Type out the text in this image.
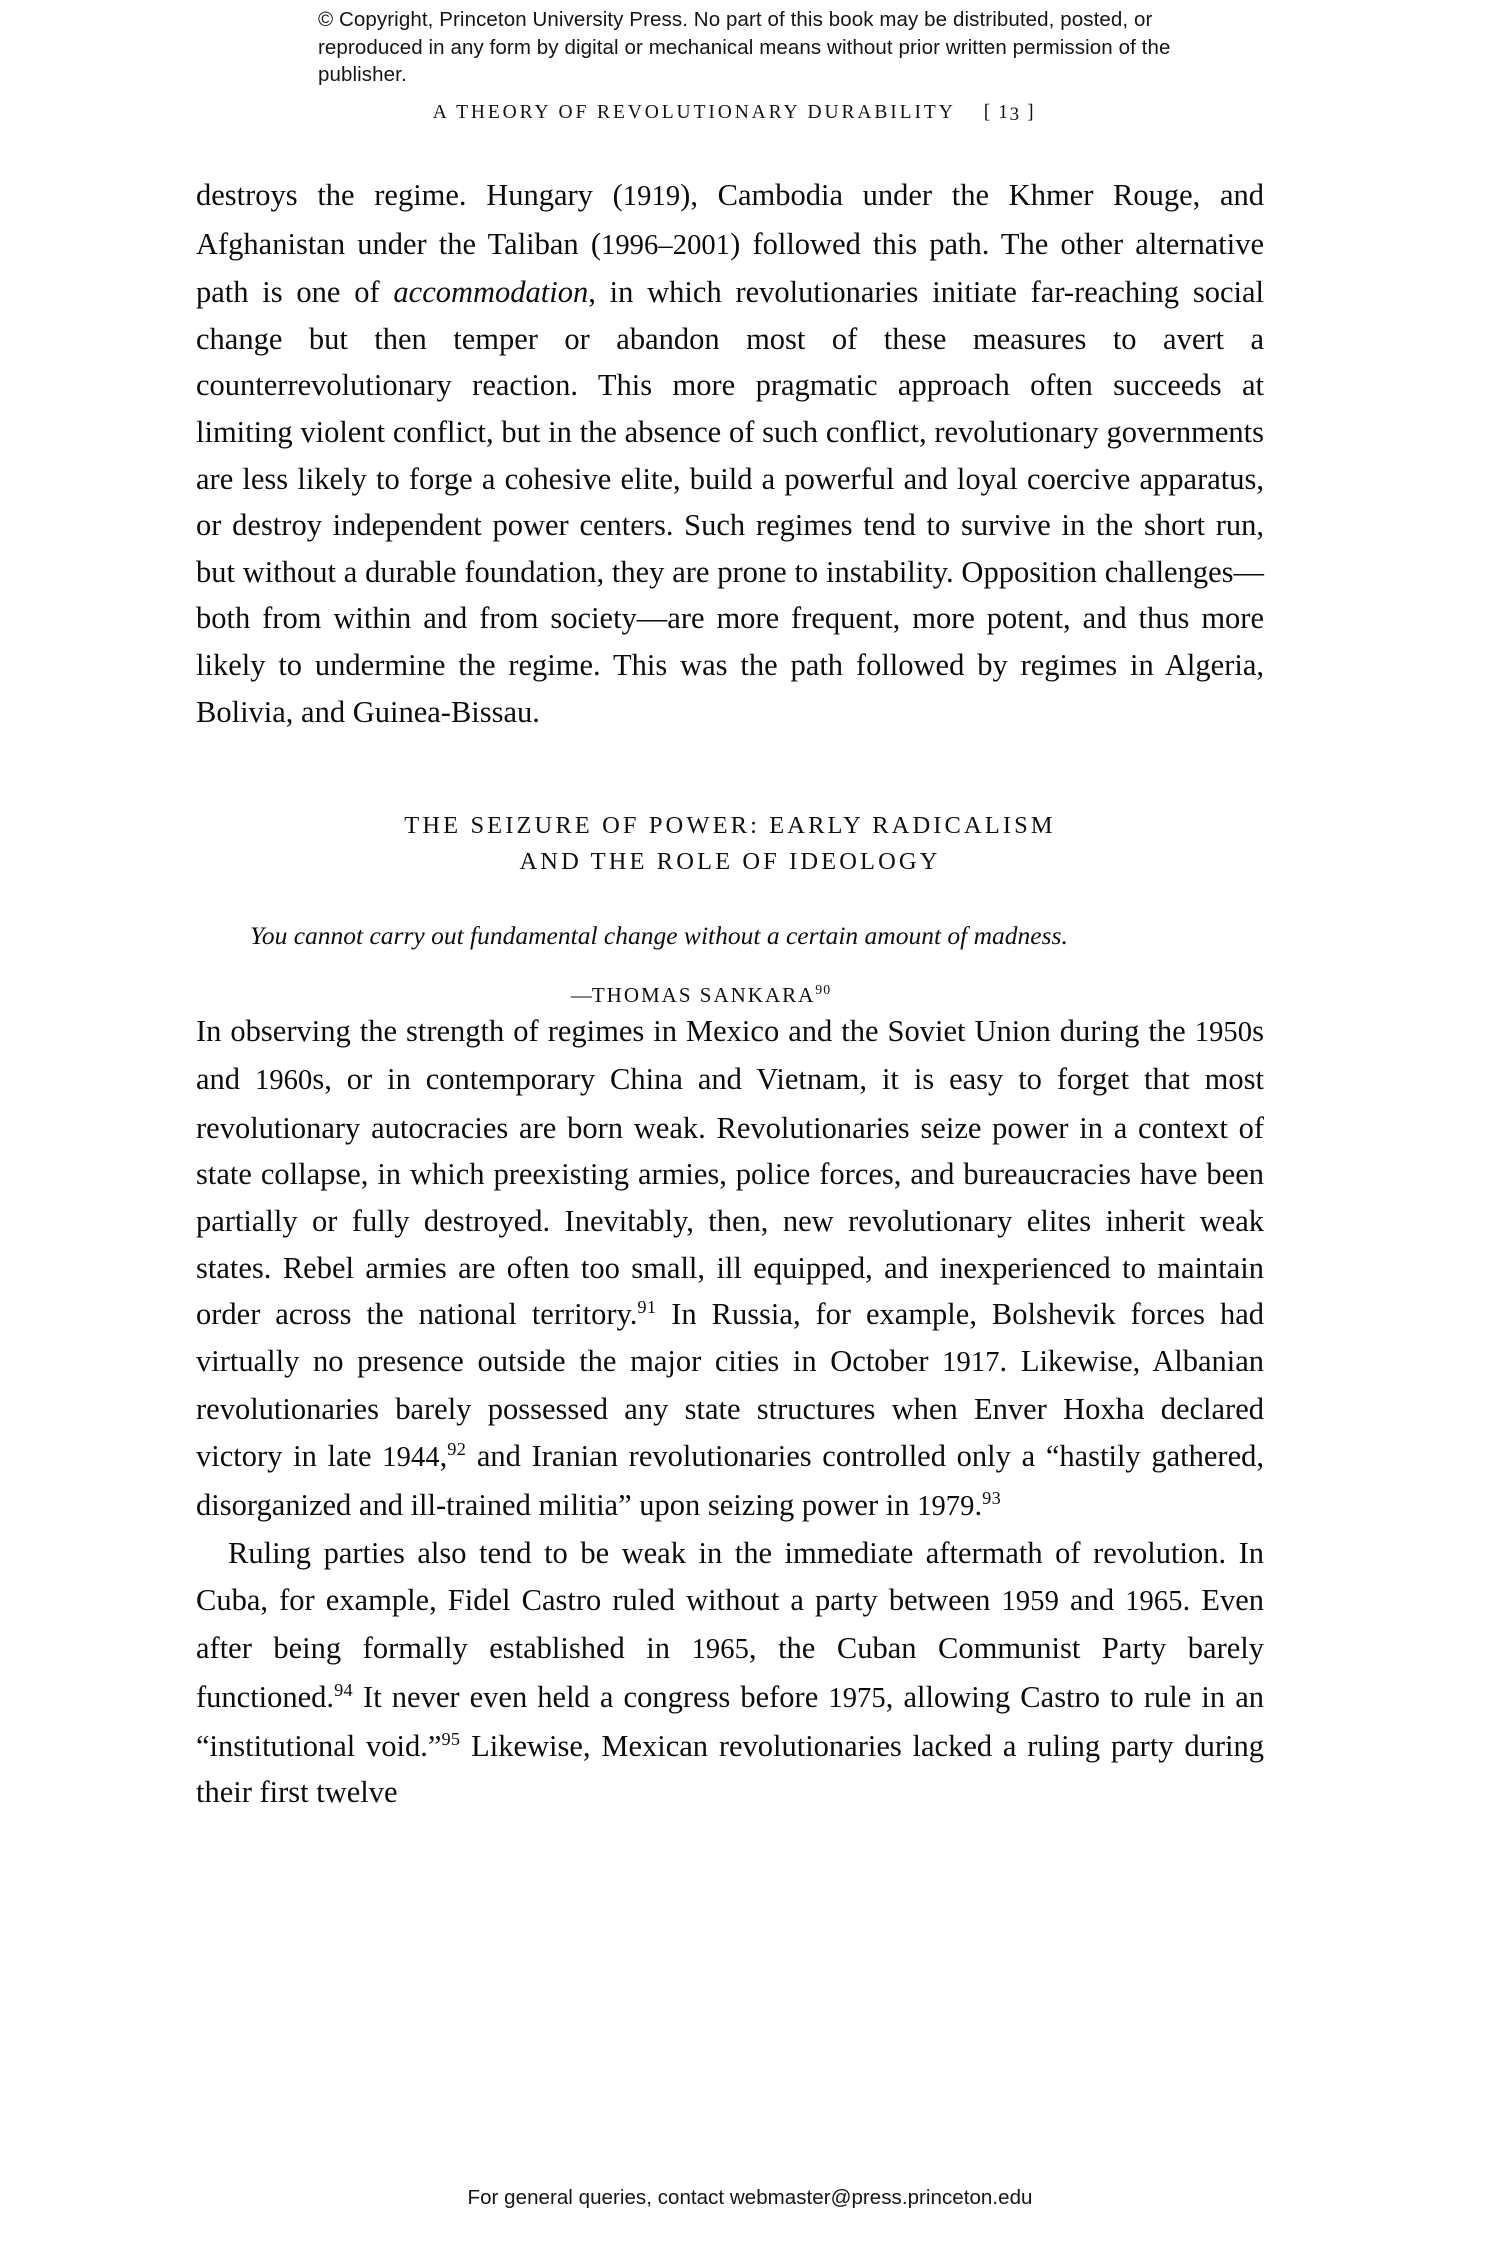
© Copyright, Princeton University Press. No part of this book may be distributed, posted, or reproduced in any form by digital or mechanical means without prior written permission of the publisher.
A THEORY OF REVOLUTIONARY DURABILITY [ 13 ]

destroys the regime. Hungary (1919), Cambodia under the Khmer Rouge, and Afghanistan under the Taliban (1996–2001) followed this path. The other alternative path is one of accommodation, in which revolutionaries initiate far-reaching social change but then temper or abandon most of these measures to avert a counterrevolutionary reaction. This more pragmatic approach often succeeds at limiting violent conflict, but in the absence of such conflict, revolutionary governments are less likely to forge a cohesive elite, build a powerful and loyal coercive apparatus, or destroy independent power centers. Such regimes tend to survive in the short run, but without a durable foundation, they are prone to instability. Opposition challenges—both from within and from society—are more frequent, more potent, and thus more likely to undermine the regime. This was the path followed by regimes in Algeria, Bolivia, and Guinea-Bissau.

THE SEIZURE OF POWER: EARLY RADICALISM
AND THE ROLE OF IDEOLOGY
You cannot carry out fundamental change without a certain amount of madness.
—THOMAS SANKARA$^{90}$

In observing the strength of regimes in Mexico and the Soviet Union during the 1950s and 1960s, or in contemporary China and Vietnam, it is easy to forget that most revolutionary autocracies are born weak. Revolutionaries seize power in a context of state collapse, in which preexisting armies, police forces, and bureaucracies have been partially or fully destroyed. Inevitably, then, new revolutionary elites inherit weak states. Rebel armies are often too small, ill equipped, and inexperienced to maintain order across the national territory.$^{91}$ In Russia, for example, Bolshevik forces had virtually no presence outside the major cities in October 1917. Likewise, Albanian revolutionaries barely possessed any state structures when Enver Hoxha declared victory in late 1944,92 and Iranian revolutionaries controlled only a “hastily gathered, disorganized and ill-trained militia” upon seizing power in 1979.93

Ruling parties also tend to be weak in the immediate aftermath of revolution. In Cuba, for example, Fidel Castro ruled without a party between 1959 and 1965. Even after being formally established in 1965, the Cuban Communist Party barely functioned.$^{94}$ It never even held a congress before 1975, allowing Castro to rule in an “institutional void.”$^{95}$ Likewise, Mexican revolutionaries lacked a ruling party during their first twelve

For general queries, contact webmaster@press.princeton.edu
